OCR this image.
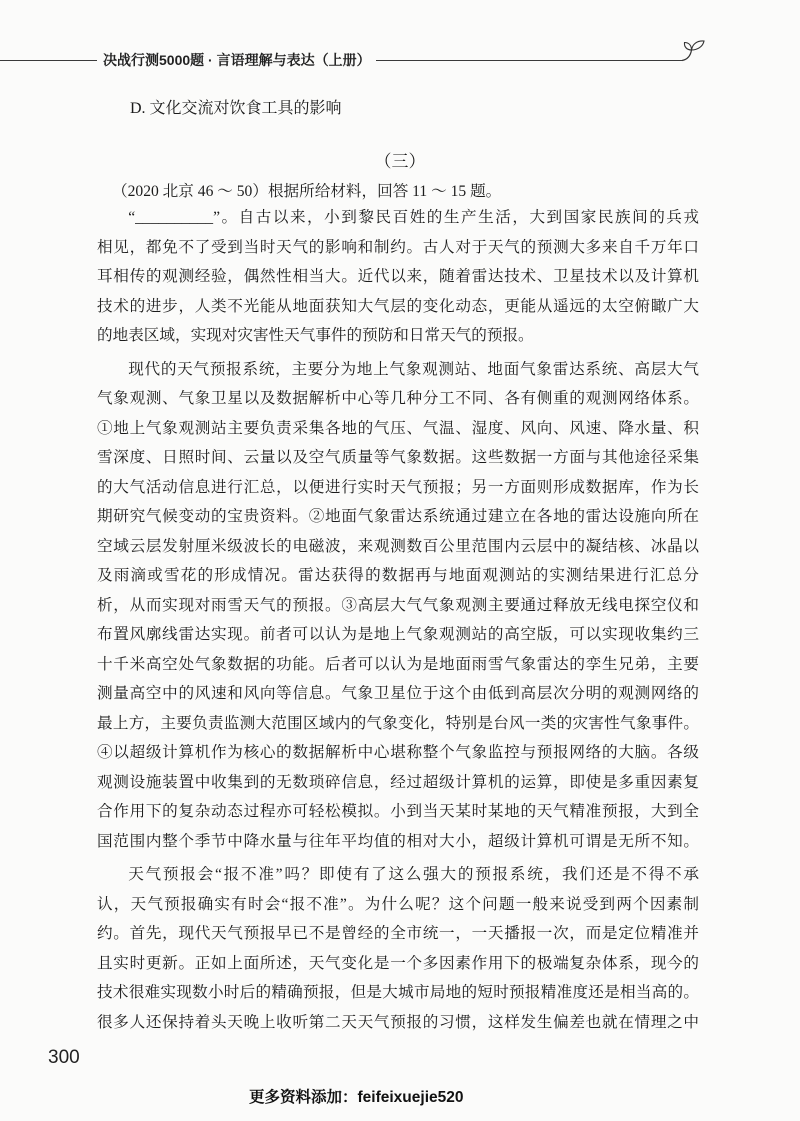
决战行测5000题 · 言语理解与表达（上册）
D. 文化交流对饮食工具的影响
（三）
（2020 北京 46 ～ 50）根据所给材料，回答 11 ～ 15 题。
“__________”。自古以来，小到黎民百姓的生产生活，大到国家民族间的兵戎
相见，都免不了受到当时天气的影响和制约。古人对于天气的预测大多来自千万年口
耳相传的观测经验，偶然性相当大。近代以来，随着雷达技术、卫星技术以及计算机
技术的进步，人类不光能从地面获知大气层的变化动态，更能从遥远的太空俯瞰广大
的地表区域，实现对灾害性天气事件的预防和日常天气的预报。
现代的天气预报系统，主要分为地上气象观测站、地面气象雷达系统、高层大气
气象观测、气象卫星以及数据解析中心等几种分工不同、各有侧重的观测网络体系。
①地上气象观测站主要负责采集各地的气压、气温、湿度、风向、风速、降水量、积
雪深度、日照时间、云量以及空气质量等气象数据。这些数据一方面与其他途径采集
的大气活动信息进行汇总，以便进行实时天气预报；另一方面则形成数据库，作为长
期研究气候变动的宝贵资料。②地面气象雷达系统通过建立在各地的雷达设施向所在
空域云层发射厘米级波长的电磁波，来观测数百公里范围内云层中的凝结核、冰晶以
及雨滴或雪花的形成情况。雷达获得的数据再与地面观测站的实测结果进行汇总分
析，从而实现对雨雪天气的预报。③高层大气气象观测主要通过释放无线电探空仪和
布置风廓线雷达实现。前者可以认为是地上气象观测站的高空版，可以实现收集约三
十千米高空处气象数据的功能。后者可以认为是地面雨雪气象雷达的孪生兄弟，主要
测量高空中的风速和风向等信息。气象卫星位于这个由低到高层次分明的观测网络的
最上方，主要负责监测大范围区域内的气象变化，特别是台风一类的灾害性气象事件。
④以超级计算机作为核心的数据解析中心堪称整个气象监控与预报网络的大脑。各级
观测设施装置中收集到的无数琐碎信息，经过超级计算机的运算，即使是多重因素复
合作用下的复杂动态过程亦可轻松模拟。小到当天某时某地的天气精准预报，大到全
国范围内整个季节中降水量与往年平均值的相对大小，超级计算机可谓是无所不知。
天气预报会“报不准”吗？即使有了这么强大的预报系统，我们还是不得不承
认，天气预报确实有时会“报不准”。为什么呢？这个问题一般来说受到两个因素制
约。首先，现代天气预报早已不是曾经的全市统一，一天播报一次，而是定位精准并
且实时更新。正如上面所述，天气变化是一个多因素作用下的极端复杂体系，现今的
技术很难实现数小时后的精确预报，但是大城市局地的短时预报精准度还是相当高的。
很多人还保持着头天晚上收听第二天天气预报的习惯，这样发生偏差也就在情理之中
300
更多资料添加：feifeixuejie520
